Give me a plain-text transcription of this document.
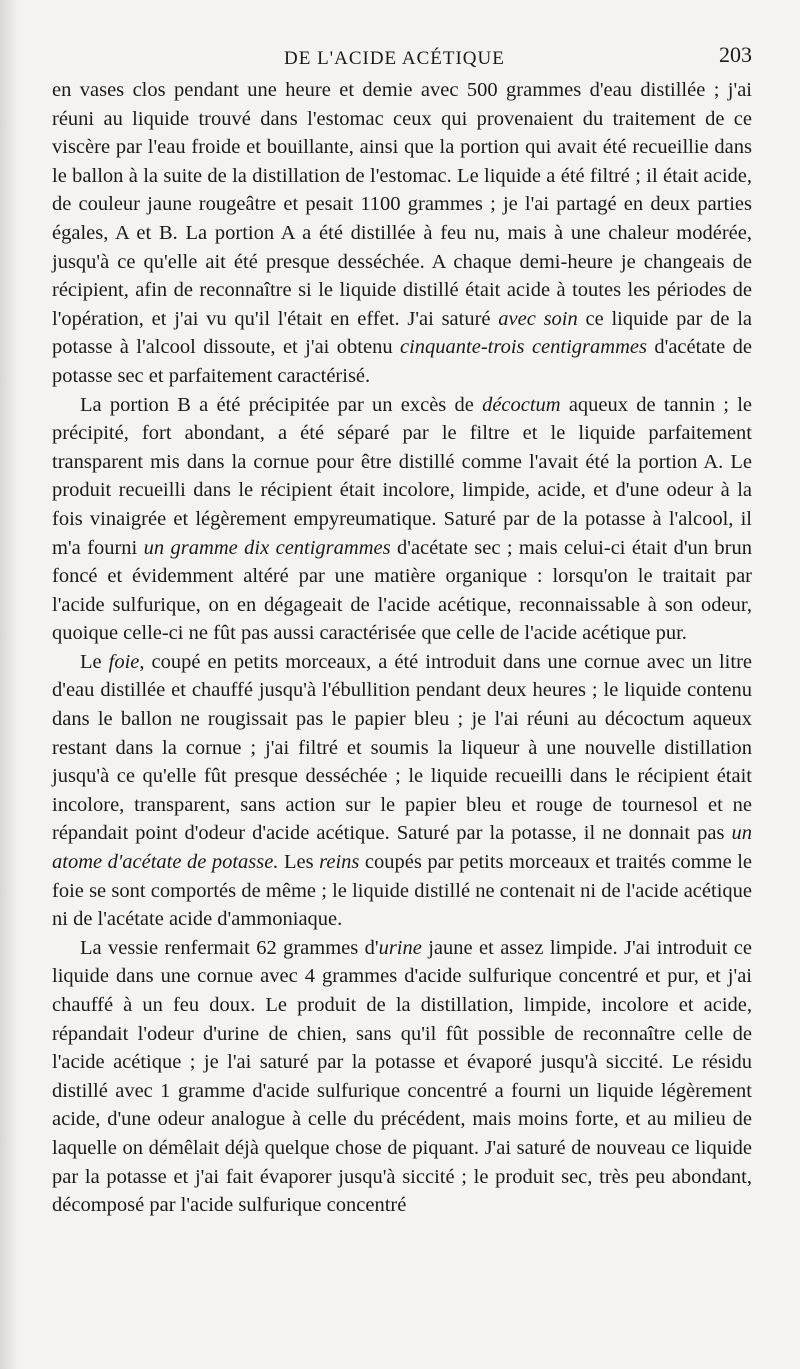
DE L'ACIDE ACÉTIQUE	203

en vases clos pendant une heure et demie avec 500 grammes d'eau distillée ; j'ai réuni au liquide trouvé dans l'estomac ceux qui provenaient du traitement de ce viscère par l'eau froide et bouillante, ainsi que la portion qui avait été recueillie dans le ballon à la suite de la distillation de l'estomac. Le liquide a été filtré ; il était acide, de couleur jaune rougeâtre et pesait 1100 grammes ; je l'ai partagé en deux parties égales, A et B. La portion A a été distillée à feu nu, mais à une chaleur modérée, jusqu'à ce qu'elle ait été presque desséchée. A chaque demi-heure je changeais de récipient, afin de reconnaître si le liquide distillé était acide à toutes les périodes de l'opération, et j'ai vu qu'il l'était en effet. J'ai saturé avec soin ce liquide par de la potasse à l'alcool dissoute, et j'ai obtenu cinquante-trois centigrammes d'acétate de potasse sec et parfaitement caractérisé.

La portion B a été précipitée par un excès de décoctum aqueux de tannin ; le précipité, fort abondant, a été séparé par le filtre et le liquide parfaitement transparent mis dans la cornue pour être distillé comme l'avait été la portion A. Le produit recueilli dans le récipient était incolore, limpide, acide, et d'une odeur à la fois vinaigrée et légèrement empyreumatique. Saturé par de la potasse à l'alcool, il m'a fourni un gramme dix centigrammes d'acétate sec ; mais celui-ci était d'un brun foncé et évidemment altéré par une matière organique : lorsqu'on le traitait par l'acide sulfurique, on en dégageait de l'acide acétique, reconnaissable à son odeur, quoique celle-ci ne fût pas aussi caractérisée que celle de l'acide acétique pur.

Le foie, coupé en petits morceaux, a été introduit dans une cornue avec un litre d'eau distillée et chauffé jusqu'à l'ébullition pendant deux heures ; le liquide contenu dans le ballon ne rougissait pas le papier bleu ; je l'ai réuni au décoctum aqueux restant dans la cornue ; j'ai filtré et soumis la liqueur à une nouvelle distillation jusqu'à ce qu'elle fût presque desséchée ; le liquide recueilli dans le récipient était incolore, transparent, sans action sur le papier bleu et rouge de tournesol et ne répandait point d'odeur d'acide acétique. Saturé par la potasse, il ne donnait pas un atome d'acétate de potasse. Les reins coupés par petits morceaux et traités comme le foie se sont comportés de même ; le liquide distillé ne contenait ni de l'acide acétique ni de l'acétate acide d'ammoniaque.

La vessie renfermait 62 grammes d'urine jaune et assez limpide. J'ai introduit ce liquide dans une cornue avec 4 grammes d'acide sulfurique concentré et pur, et j'ai chauffé à un feu doux. Le produit de la distillation, limpide, incolore et acide, répandait l'odeur d'urine de chien, sans qu'il fût possible de reconnaître celle de l'acide acétique ; je l'ai saturé par la potasse et évaporé jusqu'à siccité. Le résidu distillé avec 1 gramme d'acide sulfurique concentré a fourni un liquide légèrement acide, d'une odeur analogue à celle du précédent, mais moins forte, et au milieu de laquelle on démêlait déjà quelque chose de piquant. J'ai saturé de nouveau ce liquide par la potasse et j'ai fait évaporer jusqu'à siccité ; le produit sec, très peu abondant, décomposé par l'acide sulfurique concentré
